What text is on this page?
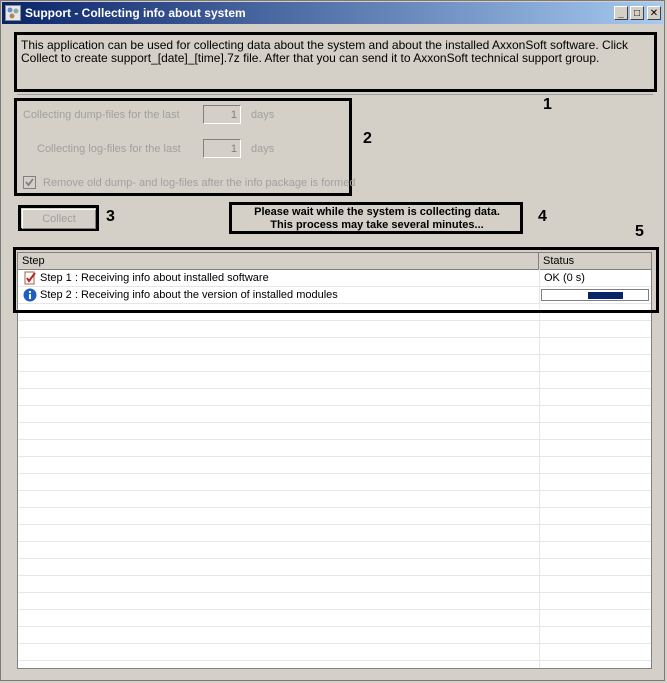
Support - Collecting info about system	_	□ ✕
This application can be used for collecting data about the system and about the installed AxxonSoft software. Click Collect to create support_[date]_[time].7z file. After that you can send it to AxxonSoft technical support group.
1
2
Collecting dump-files for the last	1	days
Collecting log-files for the last	1	days
Remove old dump- and log-files after the info package is formed
Collect	3	Please wait while the system is collecting data.
This process may take several minutes...	4
5
Step	Status
Step 1 : Receiving info about installed software	OK (0 s)
Step 2 : Receiving info about the version of installed modules
